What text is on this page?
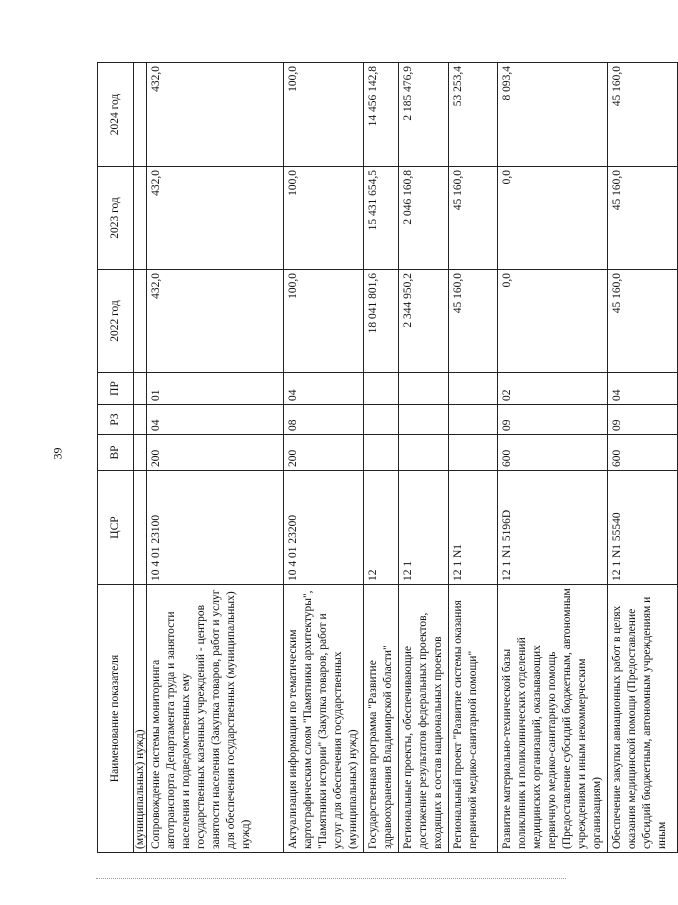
39
Наименование показателя	ЦСР	ВР	РЗ	ПР	2022 год	2023 год	2024 год
(муниципальных) нужд)							
Сопровождение системы мониторинга автотранспорта Департамента труда и занятости населения и подведомственных ему государственных казенных учреждений - центров занятости населения (Закупка товаров, работ и услуг для обеспечения государственных (муниципальных) нужд)	10 4 01 23100	200	04	01	432,0	432,0	432,0
Актуализация информации по тематическим картографическим слоям "Памятники архитектуры", "Памятники истории" (Закупка товаров, работ и услуг для обеспечения государственных (муниципальных) нужд)	10 4 01 23200	200	08	04	100,0	100,0	100,0
Государственная программа "Развитие здравоохранения Владимирской области"	12				18 041 801,6	15 431 654,5	14 456 142,8
Региональные проекты, обеспечивающие достижение результатов федеральных проектов, входящих в состав национальных проектов	12 1				2 344 950,2	2 046 160,8	2 185 476,9
Региональный проект "Развитие системы оказания первичной медико-санитарной помощи"	12 1 N1				45 160,0	45 160,0	53 253,4
Развитие материально-технической базы поликлиник и поликлинических отделений медицинских организаций, оказывающих первичную медико-санитарную помощь (Предоставление субсидий бюджетным, автономным учреждениям и иным некоммерческим организациям)	12 1 N1 5196D	600	09	02	0,0	0,0	8 093,4
Обеспечение закупки авиационных работ в целях оказания медицинской помощи (Предоставление субсидий бюджетным, автономным учреждениям и иным	12 1 N1 55540	600	09	04	45 160,0	45 160,0	45 160,0
